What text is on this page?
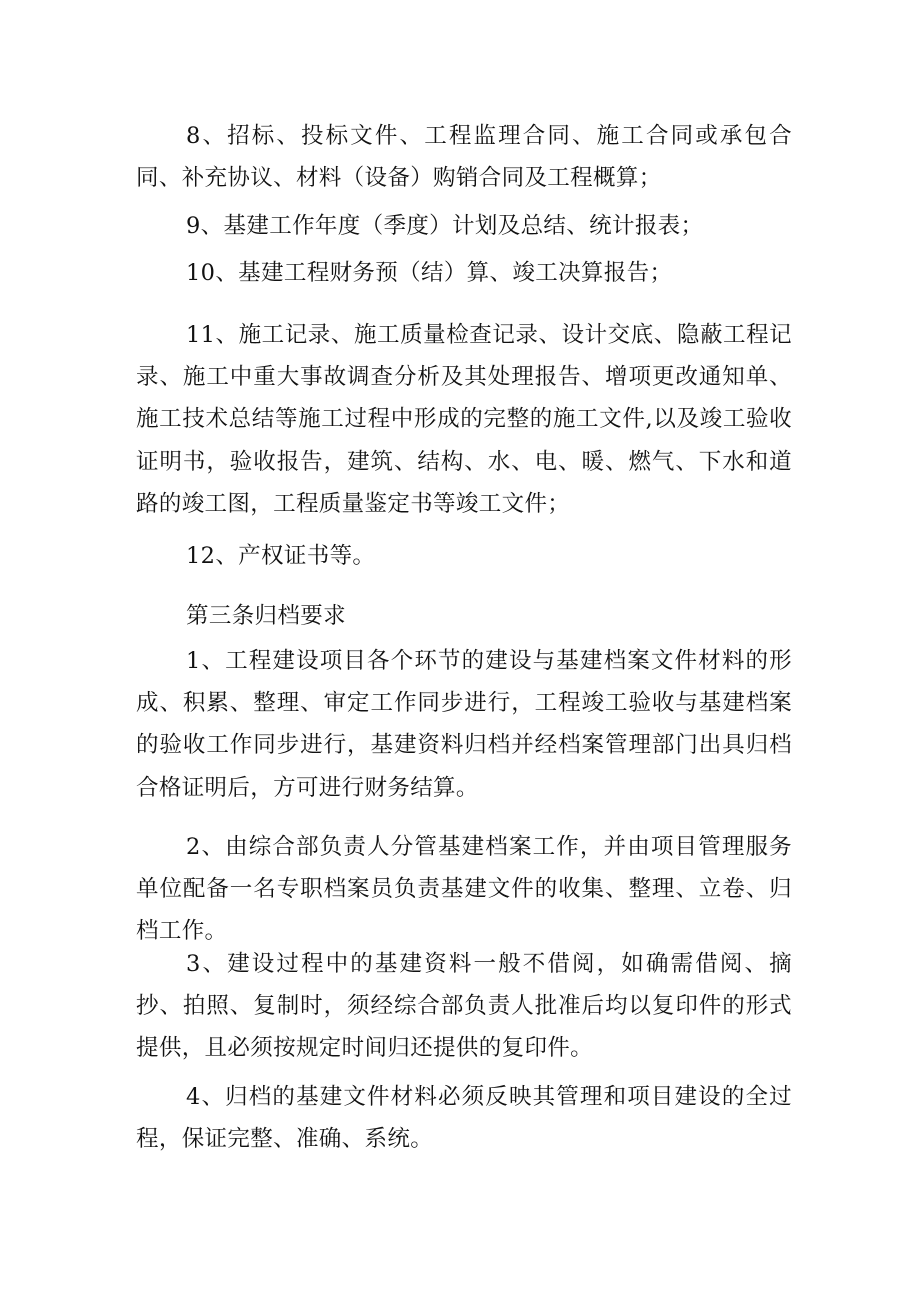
8、招标、投标文件、工程监理合同、施工合同或承包合同、补充协议、材料（设备）购销合同及工程概算；

9、基建工作年度（季度）计划及总结、统计报表；

10、基建工程财务预（结）算、竣工决算报告；

11、施工记录、施工质量检查记录、设计交底、隐蔽工程记录、施工中重大事故调查分析及其处理报告、增项更改通知单、施工技术总结等施工过程中形成的完整的施工文件,以及竣工验收证明书，验收报告，建筑、结构、水、电、暖、燃气、下水和道路的竣工图，工程质量鉴定书等竣工文件；

12、产权证书等。

第三条归档要求

1、工程建设项目各个环节的建设与基建档案文件材料的形成、积累、整理、审定工作同步进行，工程竣工验收与基建档案的验收工作同步进行，基建资料归档并经档案管理部门出具归档合格证明后，方可进行财务结算。

2、由综合部负责人分管基建档案工作，并由项目管理服务单位配备一名专职档案员负责基建文件的收集、整理、立卷、归档工作。

3、建设过程中的基建资料一般不借阅，如确需借阅、摘抄、拍照、复制时，须经综合部负责人批准后均以复印件的形式提供，且必须按规定时间归还提供的复印件。

4、归档的基建文件材料必须反映其管理和项目建设的全过程，保证完整、准确、系统。
